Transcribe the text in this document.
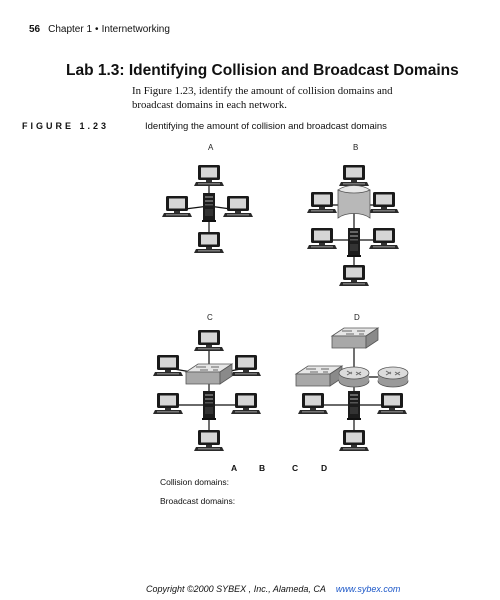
A	B
C	D
56 Chapter 1 • Internetworking
Lab 1.3: Identifying Collision and Broadcast Domains
In Figure 1.23, identify the amount of collision domains and broadcast domains in each network.
FIGURE 1.23	Identifying the amount of collision and broadcast domains
A	B	C	D
Collision domains:
Broadcast domains:
Copyright ©2000 SYBEX , Inc., Alameda, CA www.sybex.com
